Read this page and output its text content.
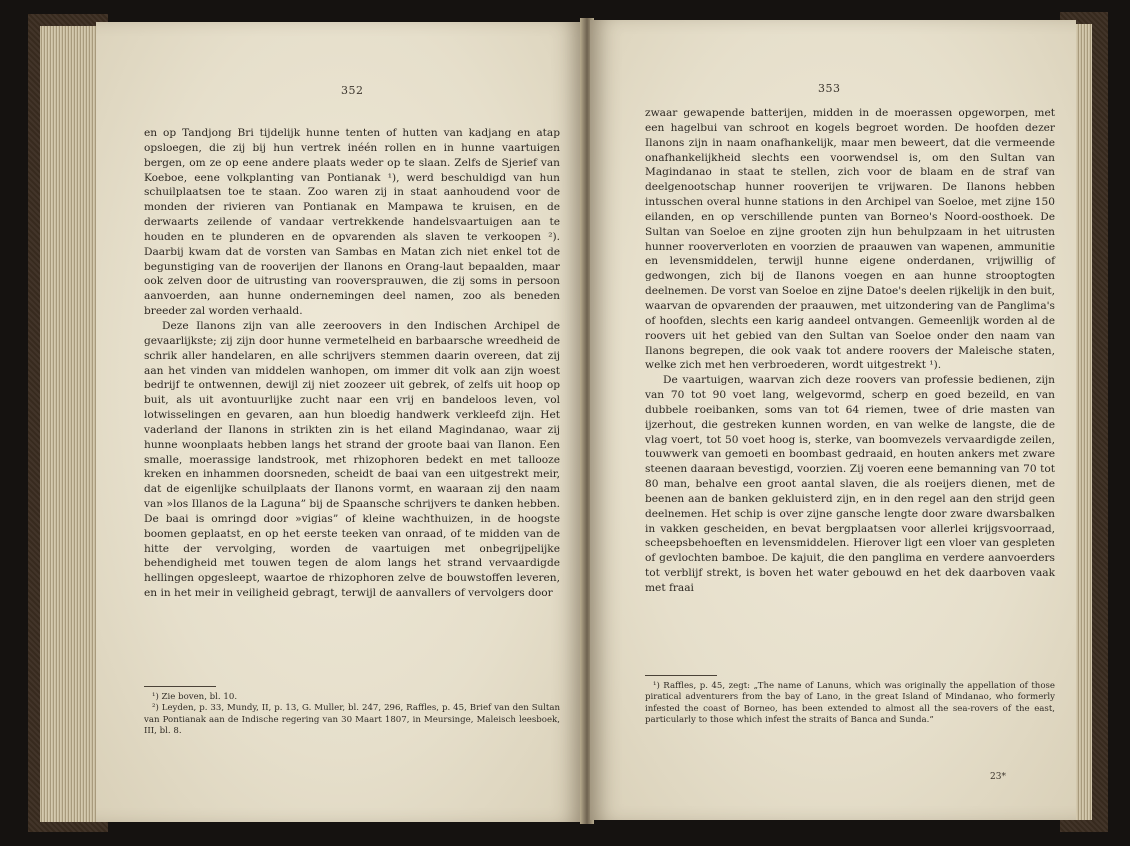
352

en op Tandjong Bri tijdelijk hunne tenten of hutten van kadjang en atap opsloegen, die zij bij hun vertrek inéén rollen en in hunne vaartuigen bergen, om ze op eene andere plaats weder op te slaan. Zelfs de Sjerief van Koeboe, eene volkplanting van Pontianak ¹), werd beschuldigd van hun schuilplaatsen toe te staan. Zoo waren zij in staat aanhoudend voor de monden der rivieren van Pontianak en Mampawa te kruisen, en de derwaarts zeilende of vandaar vertrekkende handelsvaartuigen aan te houden en te plunderen en de opvarenden als slaven te verkoopen ²). Daarbij kwam dat de vorsten van Sambas en Matan zich niet enkel tot de begunstiging van de rooverijen der Ilanons en Orang-laut bepaalden, maar ook zelven door de uitrusting van rooversprauwen, die zij soms in persoon aanvoerden, aan hunne ondernemingen deel namen, zoo als beneden breeder zal worden verhaald.

Deze Ilanons zijn van alle zeeroovers in den Indischen Archipel de gevaarlijkste; zij zijn door hunne vermetelheid en barbaarsche wreedheid de schrik aller handelaren, en alle schrijvers stemmen daarin overeen, dat zij aan het vinden van middelen wanhopen, om immer dit volk aan zijn woest bedrijf te ontwennen, dewijl zij niet zoozeer uit gebrek, of zelfs uit hoop op buit, als uit avontuurlijke zucht naar een vrij en bandeloos leven, vol lotwisselingen en gevaren, aan hun bloedig handwerk verkleefd zijn. Het vaderland der Ilanons in strikten zin is het eiland Magindanao, waar zij hunne woonplaats hebben langs het strand der groote baai van Ilanon. Een smalle, moerassige landstrook, met rhizophoren bedekt en met tallooze kreken en inhammen doorsneden, scheidt de baai van een uitgestrekt meir, dat de eigenlijke schuilplaats der Ilanons vormt, en waaraan zij den naam van »los Illanos de la Laguna” bij de Spaansche schrijvers te danken hebben. De baai is omringd door »vigias” of kleine wachthuizen, in de hoogste boomen geplaatst, en op het eerste teeken van onraad, of te midden van de hitte der vervolging, worden de vaartuigen met onbegrijpelijke behendigheid met touwen tegen de alom langs het strand vervaardigde hellingen opgesleept, waartoe de rhizophoren zelve de bouwstoffen leveren, en in het meir in veiligheid gebragt, terwijl de aanvallers of vervolgers door

¹) Zie boven, bl. 10.

²) Leyden, p. 33, Mundy, II, p. 13, G. Muller, bl. 247, 296, Raffles, p. 45, Brief van den Sultan van Pontianak aan de Indische regering van 30 Maart 1807, in Meursinge, Maleisch leesboek, III, bl. 8.

353

zwaar gewapende batterijen, midden in de moerassen opgeworpen, met een hagelbui van schroot en kogels begroet worden. De hoofden dezer Ilanons zijn in naam onafhankelijk, maar men beweert, dat die vermeende onafhankelijkheid slechts een voorwendsel is, om den Sultan van Magindanao in staat te stellen, zich voor de blaam en de straf van deelgenootschap hunner rooverijen te vrijwaren. De Ilanons hebben intusschen overal hunne stations in den Archipel van Soeloe, met zijne 150 eilanden, en op verschillende punten van Borneo's Noord-oosthoek. De Sultan van Soeloe en zijne grooten zijn hun behulpzaam in het uitrusten hunner rooververloten en voorzien de praauwen van wapenen, ammunitie en levensmiddelen, terwijl hunne eigene onderdanen, vrijwillig of gedwongen, zich bij de Ilanons voegen en aan hunne strooptogten deelnemen. De vorst van Soeloe en zijne Datoe's deelen rijkelijk in den buit, waarvan de opvarenden der praauwen, met uitzondering van de Panglima's of hoofden, slechts een karig aandeel ontvangen. Gemeenlijk worden al de roovers uit het gebied van den Sultan van Soeloe onder den naam van Ilanons begrepen, die ook vaak tot andere roovers der Maleische staten, welke zich met hen verbroederen, wordt uitgestrekt ¹).

De vaartuigen, waarvan zich deze roovers van professie bedienen, zijn van 70 tot 90 voet lang, welgevormd, scherp en goed bezeild, en van dubbele roeibanken, soms van tot 64 riemen, twee of drie masten van ijzerhout, die gestreken kunnen worden, en van welke de langste, die de vlag voert, tot 50 voet hoog is, sterke, van boomvezels vervaardigde zeilen, touwwerk van gemoeti en boombast gedraaid, en houten ankers met zware steenen daaraan bevestigd, voorzien. Zij voeren eene bemanning van 70 tot 80 man, behalve een groot aantal slaven, die als roeijers dienen, met de beenen aan de banken gekluisterd zijn, en in den regel aan den strijd geen deelnemen. Het schip is over zijne gansche lengte door zware dwarsbalken in vakken gescheiden, en bevat bergplaatsen voor allerlei krijgsvoorraad, scheepsbehoeften en levensmiddelen. Hierover ligt een vloer van gespleten of gevlochten bamboe. De kajuit, die den panglima en verdere aanvoerders tot verblijf strekt, is boven het water gebouwd en het dek daarboven vaak met fraai

¹) Raffles, p. 45, zegt: „The name of Lanuns, which was originally the appellation of those piratical adventurers from the bay of Lano, in the great Island of Mindanao, who formerly infested the coast of Borneo, has been extended to almost all the sea-rovers of the east, particularly to those which infest the straits of Banca and Sunda.”

23*
